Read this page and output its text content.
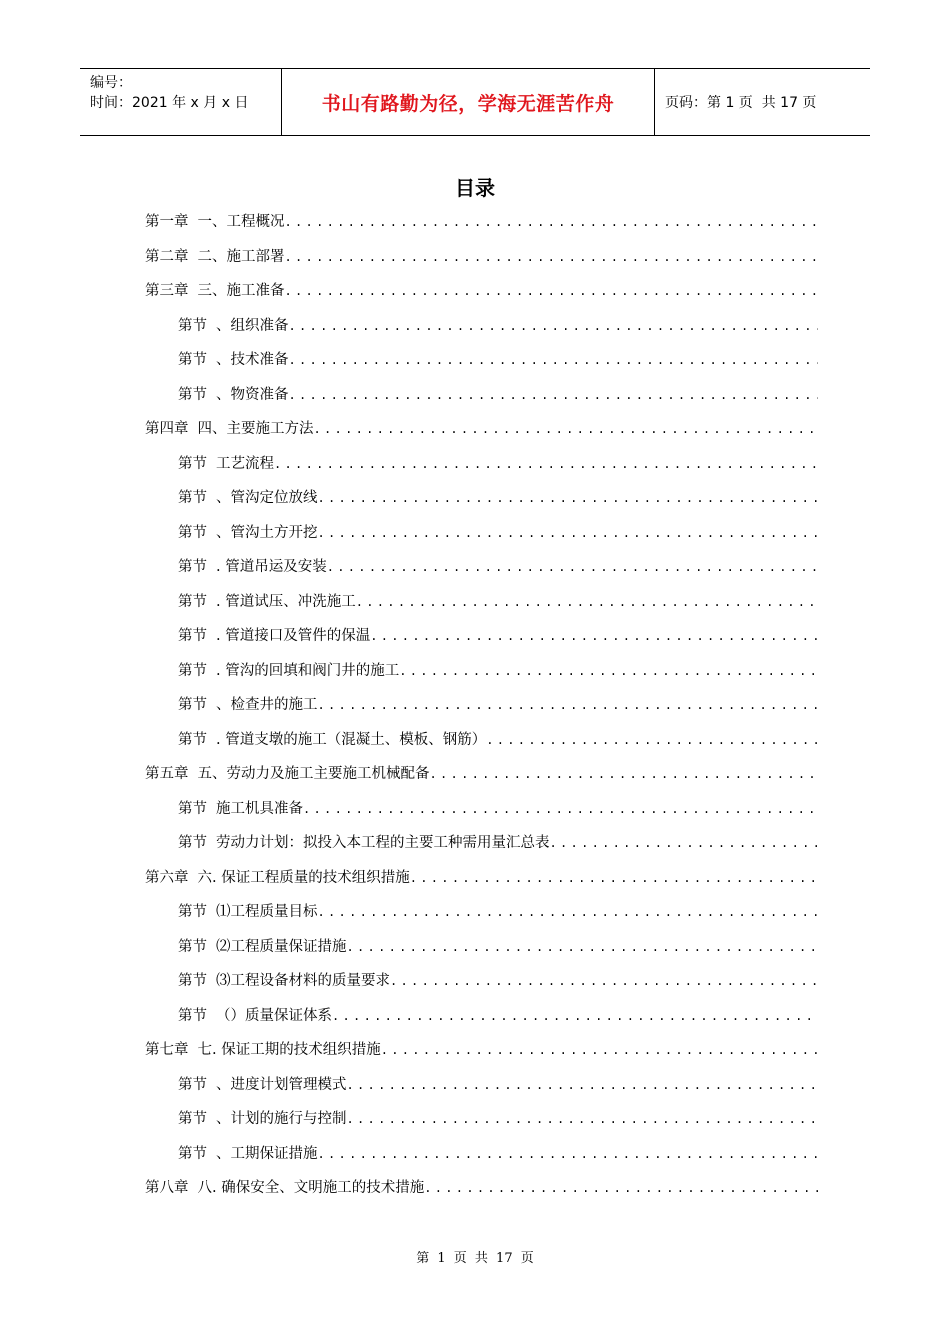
编号：
时间：2021 年 x 月 x 日	书山有路勤为径，学海无涯苦作舟	页码：第 1 页  共 17 页
目录
第一章 一、工程概况
.....
第二章 二、施工部署
.....
第三章 三、施工准备
.....
第节 、组织准备
.....
第节 、技术准备
.....
第节 、物资准备
.....
第四章 四、主要施工方法
.....
第节 工艺流程
.....
第节 、管沟定位放线
.....
第节 、管沟土方开挖
.....
第节 . 管道吊运及安装
.....
第节 . 管道试压、冲洗施工
.....
第节 . 管道接口及管件的保温
.....
第节 . 管沟的回填和阀门井的施工
.....
第节 、检查井的施工
.....
第节 . 管道支墩的施工（混凝土、模板、钢筋）
.....
第五章 五、劳动力及施工主要施工机械配备
.....
第节 施工机具准备
.....
第节 劳动力计划：拟投入本工程的主要工种需用量汇总表
.....
第六章 六. 保证工程质量的技术组织措施
.....
第节 ⑴工程质量目标
.....
第节 ⑵工程质量保证措施
.....
第节 ⑶工程设备材料的质量要求
.....
第节 （）质量保证体系
.....
第七章 七. 保证工期的技术组织措施
.....
第节 、进度计划管理模式
.....
第节 、计划的施行与控制
.....
第节 、工期保证措施
.....
第八章 八. 确保安全、文明施工的技术措施
.....
第 1 页 共 17 页
